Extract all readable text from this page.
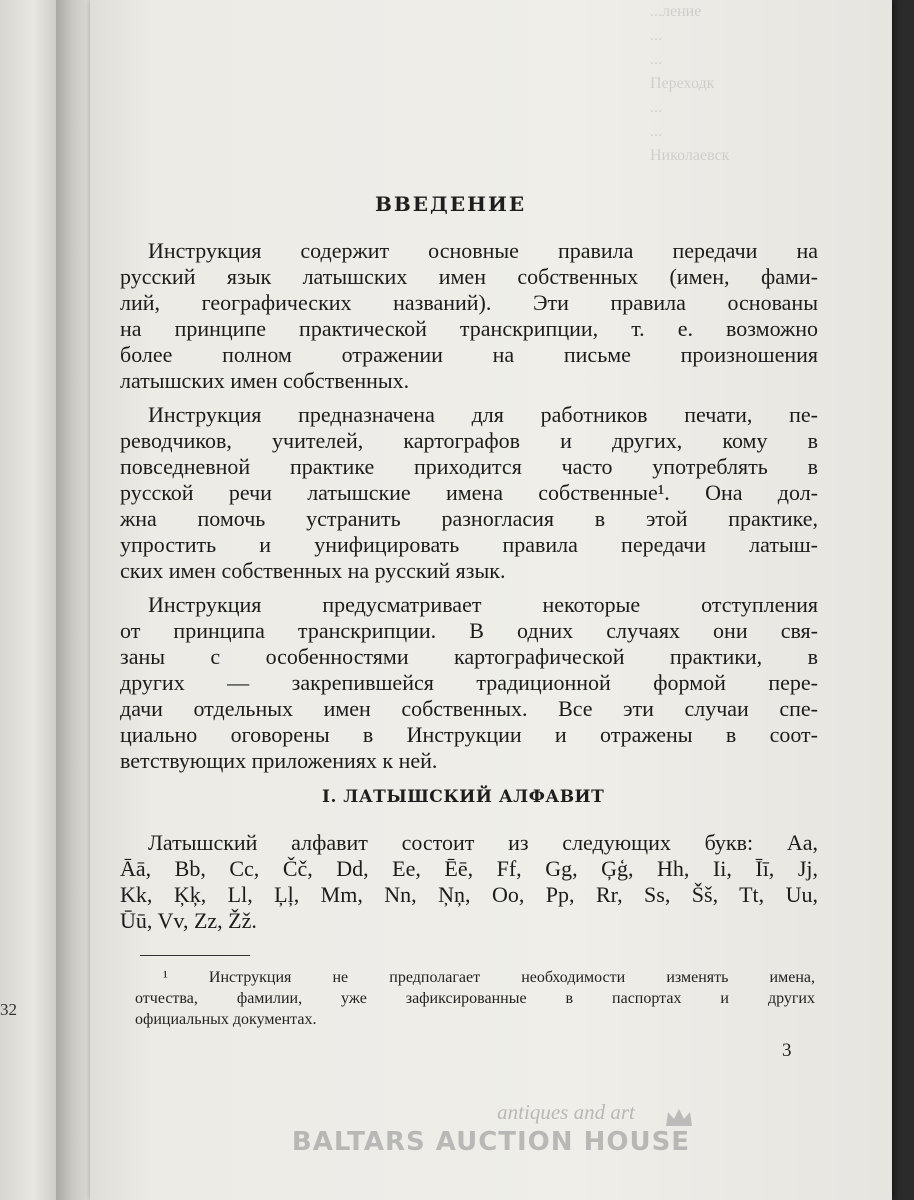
32
...ление
...
...
Переходк
...
...
Николаевск
ВВЕДЕНИЕ
Инструкция содержит основные правила передачи на
русский язык латышских имен собственных (имен, фами-
лий, географических названий). Эти правила основаны
на принципе практической транскрипции, т. е. возможно
более полном отражении на письме произношения
латышских имен собственных.
Инструкция предназначена для работников печати, пе-
реводчиков, учителей, картографов и других, кому в
повседневной практике приходится часто употреблять в
русской речи латышские имена собственные¹. Она дол-
жна помочь устранить разногласия в этой практике,
упростить и унифицировать правила передачи латыш-
ских имен собственных на русский язык.
Инструкция предусматривает некоторые отступления
от принципа транскрипции. В одних случаях они свя-
заны с особенностями картографической практики, в
других — закрепившейся традиционной формой пере-
дачи отдельных имен собственных. Все эти случаи спе-
циально оговорены в Инструкции и отражены в соот-
ветствующих приложениях к ней.
I. ЛАТЫШСКИЙ АЛФАВИТ
Латышский алфавит состоит из следующих букв: Aa,
Āā, Bb, Cc, Čč, Dd, Ee, Ēē, Ff, Gg, Ģģ, Hh, Ii, Īī, Jj,
Kk, Ķķ, Ll, Ļļ, Mm, Nn, Ņņ, Oo, Pp, Rr, Ss, Šš, Tt, Uu,
Ūū, Vv, Zz, Žž.
¹ Инструкция не предполагает необходимости изменять имена,
отчества, фамилии, уже зафиксированные в паспортах и других
официальных документах.
3
antiques and art
BALTARS AUCTION HOUSE
